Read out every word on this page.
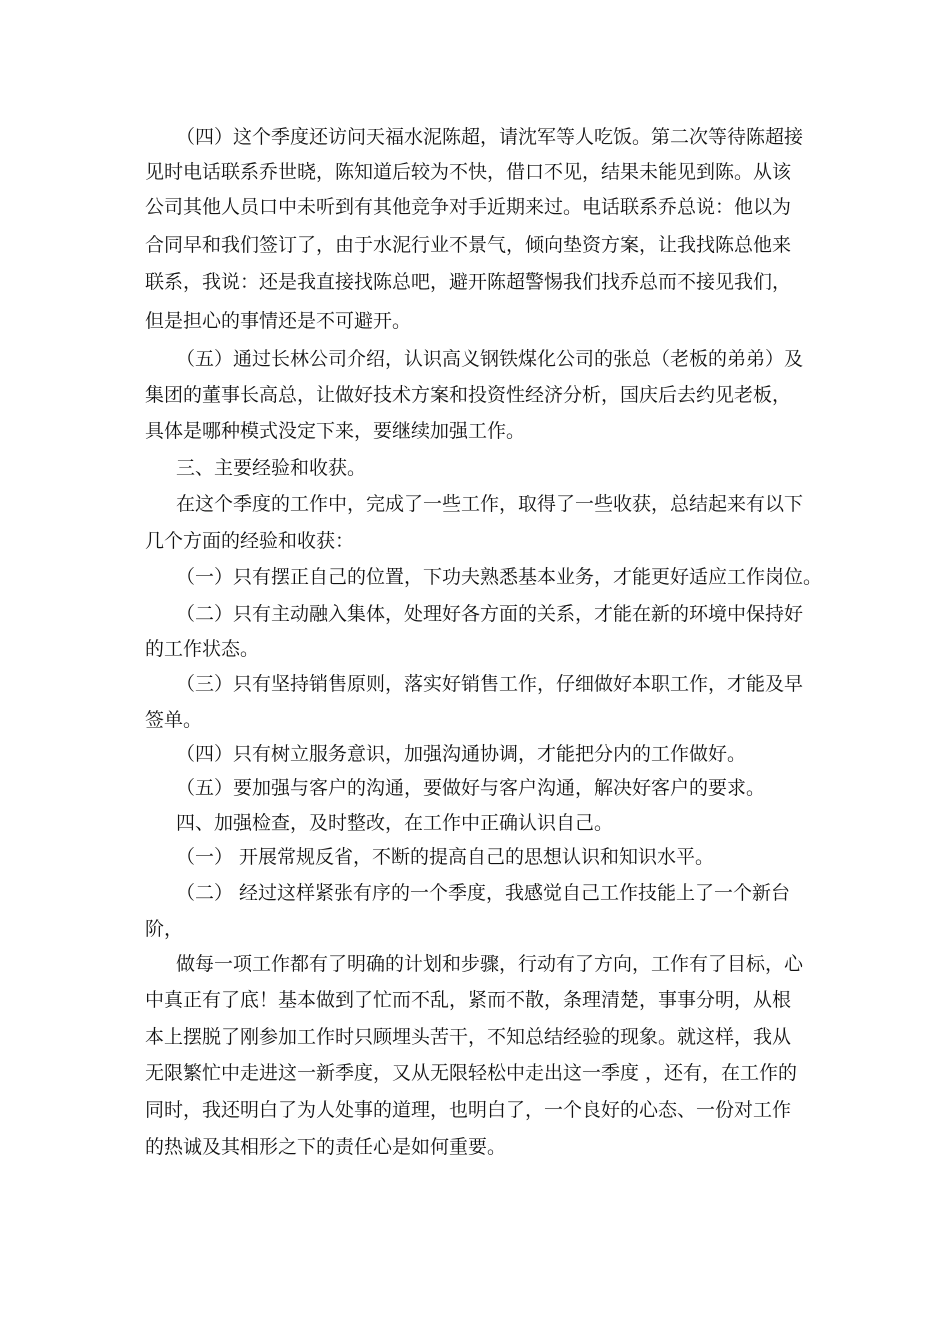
（四）这个季度还访问天福水泥陈超，请沈军等人吃饭。第二次等待陈超接
见时电话联系乔世晓，陈知道后较为不快，借口不见，结果未能见到陈。从该
公司其他人员口中未听到有其他竞争对手近期来过。电话联系乔总说：他以为
合同早和我们签订了，由于水泥行业不景气，倾向垫资方案，让我找陈总他来
联系，我说：还是我直接找陈总吧，避开陈超警惕我们找乔总而不接见我们，
但是担心的事情还是不可避开。
（五）通过长林公司介绍，认识高义钢铁煤化公司的张总（老板的弟弟）及
集团的董事长高总，让做好技术方案和投资性经济分析，国庆后去约见老板，
具体是哪种模式没定下来，要继续加强工作。
三、主要经验和收获。
在这个季度的工作中，完成了一些工作，取得了一些收获，总结起来有以下
几个方面的经验和收获：
（一）只有摆正自己的位置，下功夫熟悉基本业务，才能更好适应工作岗位。
（二）只有主动融入集体，处理好各方面的关系，才能在新的环境中保持好
的工作状态。
（三）只有坚持销售原则，落实好销售工作，仔细做好本职工作，才能及早
签单。
（四）只有树立服务意识，加强沟通协调，才能把分内的工作做好。
（五）要加强与客户的沟通，要做好与客户沟通，解决好客户的要求。
四、加强检查，及时整改，在工作中正确认识自己。
（一） 开展常规反省，不断的提高自己的思想认识和知识水平。
（二） 经过这样紧张有序的一个季度，我感觉自己工作技能上了一个新台
阶，
做每一项工作都有了明确的计划和步骤，行动有了方向，工作有了目标，心
中真正有了底！基本做到了忙而不乱，紧而不散，条理清楚，事事分明，从根
本上摆脱了刚参加工作时只顾埋头苦干，不知总结经验的现象。就这样，我从
无限繁忙中走进这一新季度，又从无限轻松中走出这一季度 ，还有，在工作的
同时，我还明白了为人处事的道理，也明白了，一个良好的心态、一份对工作
的热诚及其相形之下的责任心是如何重要。
